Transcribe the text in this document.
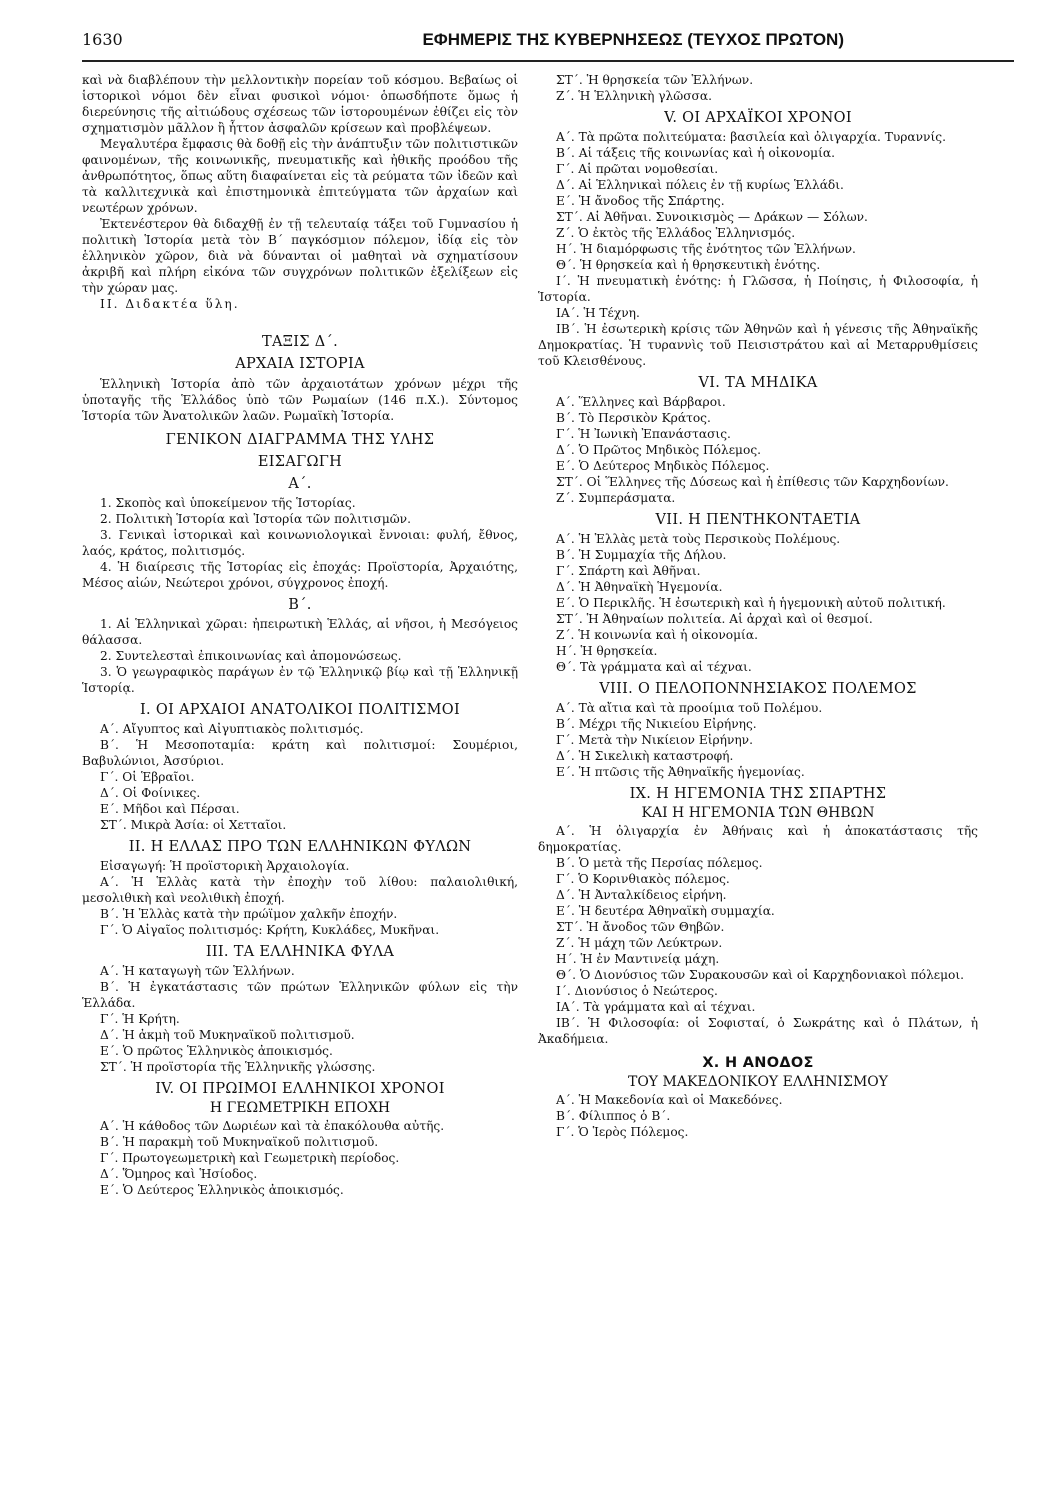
1630	ΕΦΗΜΕΡΙΣ ΤΗΣ ΚΥΒΕΡΝΗΣΕΩΣ (ΤΕΥΧΟΣ ΠΡΩΤΟΝ)

καὶ νὰ διαβλέπουν τὴν μελλοντικὴν πορείαν τοῦ κόσμου. Βεβαίως οἱ ἱστορικοὶ νόμοι δὲν εἶναι φυσικοὶ νόμοι· ὁπωσδήποτε ὅμως ἡ διερεύνησις τῆς αἰτιώδους σχέσεως τῶν ἱστορουμένων ἐθίζει εἰς τὸν σχηματισμὸν μᾶλλον ἢ ἧττον ἀσφαλῶν κρίσεων καὶ προβλέψεων.

Μεγαλυτέρα ἔμφασις θὰ δοθῇ εἰς τὴν ἀνάπτυξιν τῶν πολιτιστικῶν φαινομένων, τῆς κοινωνικῆς, πνευματικῆς καὶ ἠθικῆς προόδου τῆς ἀνθρωπότητος, ὅπως αὕτη διαφαίνεται εἰς τὰ ρεύματα τῶν ἰδεῶν καὶ τὰ καλλιτεχνικὰ καὶ ἐπιστημονικὰ ἐπιτεύγματα τῶν ἀρχαίων καὶ νεωτέρων χρόνων.

Ἐκτενέστερον θὰ διδαχθῇ ἐν τῇ τελευταίᾳ τάξει τοῦ Γυμνασίου ἡ πολιτικὴ Ἱστορία μετὰ τὸν Β΄ παγκόσμιον πόλεμον, ἰδίᾳ εἰς τὸν ἑλληνικὸν χῶρον, διὰ νὰ δύνανται οἱ μαθηταὶ νὰ σχηματίσουν ἀκριβῆ καὶ πλήρη εἰκόνα τῶν συγχρόνων πολιτικῶν ἐξελίξεων εἰς τὴν χώραν μας.

ΙΙ. Διδακτέα ὕλη.

ΤΑΞΙΣ Δ΄.
ΑΡΧΑΙΑ ΙΣΤΟΡΙΑ

Ἑλληνικὴ Ἱστορία ἀπὸ τῶν ἀρχαιοτάτων χρόνων μέχρι τῆς ὑποταγῆς τῆς Ἑλλάδος ὑπὸ τῶν Ρωμαίων (146 π.Χ.). Σύντομος Ἱστορία τῶν Ἀνατολικῶν λαῶν. Ρωμαϊκὴ Ἱστορία.

ΓΕΝΙΚΟΝ ΔΙΑΓΡΑΜΜΑ ΤΗΣ ΥΛΗΣ
ΕΙΣΑΓΩΓΗ
Α΄.

1. Σκοπὸς καὶ ὑποκείμενον τῆς Ἱστορίας.

2. Πολιτικὴ Ἱστορία καὶ Ἱστορία τῶν πολιτισμῶν.

3. Γενικαὶ ἱστορικαὶ καὶ κοινωνιολογικαὶ ἔννοιαι: φυλή, ἔθνος, λαός, κράτος, πολιτισμός.

4. Ἡ διαίρεσις τῆς Ἱστορίας εἰς ἐποχάς: Προϊστορία, Ἀρχαιότης, Μέσος αἰών, Νεώτεροι χρόνοι, σύγχρονος ἐποχή.

Β΄.

1. Αἱ Ἑλληνικαὶ χῶραι: ἠπειρωτικὴ Ἑλλάς, αἱ νῆσοι, ἡ Μεσόγειος θάλασσα.

2. Συντελεσταὶ ἐπικοινωνίας καὶ ἀπομονώσεως.

3. Ὁ γεωγραφικὸς παράγων ἐν τῷ Ἑλληνικῷ βίῳ καὶ τῇ Ἑλληνικῇ Ἱστορίᾳ.

Ι. ΟΙ ΑΡΧΑΙΟΙ ΑΝΑΤΟΛΙΚΟΙ ΠΟΛΙΤΙΣΜΟΙ

Α΄. Αἴγυπτος καὶ Αἰγυπτιακὸς πολιτισμός.

Β΄. Ἡ Μεσοποταμία: κράτη καὶ πολιτισμοί: Σουμέριοι, Βαβυλώνιοι, Ἀσσύριοι.

Γ΄. Οἱ Ἑβραῖοι.

Δ΄. Οἱ Φοίνικες.

Ε΄. Μῆδοι καὶ Πέρσαι.

ΣΤ΄. Μικρὰ Ἀσία: οἱ Χετταῖοι.

ΙΙ. Η ΕΛΛΑΣ ΠΡΟ ΤΩΝ ΕΛΛΗΝΙΚΩΝ ΦΥΛΩΝ

Εἰσαγωγή: Ἡ προϊστορικὴ Ἀρχαιολογία.

Α΄. Ἡ Ἑλλὰς κατὰ τὴν ἐποχὴν τοῦ λίθου: παλαιολιθική, μεσολιθικὴ καὶ νεολιθικὴ ἐποχή.

Β΄. Ἡ Ἑλλὰς κατὰ τὴν πρώϊμον χαλκῆν ἐποχήν.

Γ΄. Ὁ Αἰγαῖος πολιτισμός: Κρήτη, Κυκλάδες, Μυκῆναι.

ΙΙΙ. ΤΑ ΕΛΛΗΝΙΚΑ ΦΥΛΑ

Α΄. Ἡ καταγωγὴ τῶν Ἑλλήνων.

Β΄. Ἡ ἐγκατάστασις τῶν πρώτων Ἑλληνικῶν φύλων εἰς τὴν Ἑλλάδα.

Γ΄. Ἡ Κρήτη.

Δ΄. Ἡ ἀκμὴ τοῦ Μυκηναϊκοῦ πολιτισμοῦ.

Ε΄. Ὁ πρῶτος Ἑλληνικὸς ἀποικισμός.

ΣΤ΄. Ἡ προϊστορία τῆς Ἑλληνικῆς γλώσσης.

ΙV. ΟΙ ΠΡΩΙΜΟΙ ΕΛΛΗΝΙΚΟΙ ΧΡΟΝΟΙ
Η ΓΕΩΜΕΤΡΙΚΗ ΕΠΟΧΗ

Α΄. Ἡ κάθοδος τῶν Δωριέων καὶ τὰ ἐπακόλουθα αὐτῆς.

Β΄. Ἡ παρακμὴ τοῦ Μυκηναϊκοῦ πολιτισμοῦ.

Γ΄. Πρωτογεωμετρικὴ καὶ Γεωμετρικὴ περίοδος.

Δ΄. Ὅμηρος καὶ Ἡσίοδος.

Ε΄. Ὁ Δεύτερος Ἑλληνικὸς ἀποικισμός.

ΣΤ΄. Ἡ θρησκεία τῶν Ἑλλήνων.

Ζ΄. Ἡ Ἑλληνικὴ γλῶσσα.

V. ΟΙ ΑΡΧΑΪΚΟΙ ΧΡΟΝΟΙ

Α΄. Τὰ πρῶτα πολιτεύματα: βασιλεία καὶ ὀλιγαρχία. Τυραννίς.

Β΄. Αἱ τάξεις τῆς κοινωνίας καὶ ἡ οἰκονομία.

Γ΄. Αἱ πρῶται νομοθεσίαι.

Δ΄. Αἱ Ἑλληνικαὶ πόλεις ἐν τῇ κυρίως Ἑλλάδι.

Ε΄. Ἡ ἄνοδος τῆς Σπάρτης.

ΣΤ΄. Αἱ Ἀθῆναι. Συνοικισμὸς — Δράκων — Σόλων.

Ζ΄. Ὁ ἐκτὸς τῆς Ἑλλάδος Ἑλληνισμός.

Η΄. Ἡ διαμόρφωσις τῆς ἑνότητος τῶν Ἑλλήνων.

Θ΄. Ἡ θρησκεία καὶ ἡ θρησκευτικὴ ἑνότης.

Ι΄. Ἡ πνευματικὴ ἑνότης: ἡ Γλῶσσα, ἡ Ποίησις, ἡ Φιλοσοφία, ἡ Ἱστορία.

ΙΑ΄. Ἡ Τέχνη.

ΙΒ΄. Ἡ ἐσωτερικὴ κρίσις τῶν Ἀθηνῶν καὶ ἡ γένεσις τῆς Ἀθηναϊκῆς Δημοκρατίας. Ἡ τυραννὶς τοῦ Πεισιστράτου καὶ αἱ Μεταρρυθμίσεις τοῦ Κλεισθένους.

VI. ΤΑ ΜΗΔΙΚΑ

Α΄. Ἕλληνες καὶ Βάρβαροι.

Β΄. Τὸ Περσικὸν Κράτος.

Γ΄. Ἡ Ἰωνικὴ Ἐπανάστασις.

Δ΄. Ὁ Πρῶτος Μηδικὸς Πόλεμος.

Ε΄. Ὁ Δεύτερος Μηδικὸς Πόλεμος.

ΣΤ΄. Οἱ Ἕλληνες τῆς Δύσεως καὶ ἡ ἐπίθεσις τῶν Καρχηδονίων.

Ζ΄. Συμπεράσματα.

VII. Η ΠΕΝΤΗΚΟΝΤΑΕΤΙΑ

Α΄. Ἡ Ἑλλὰς μετὰ τοὺς Περσικοὺς Πολέμους.

Β΄. Ἡ Συμμαχία τῆς Δήλου.

Γ΄. Σπάρτη καὶ Ἀθῆναι.

Δ΄. Ἡ Ἀθηναϊκὴ Ἡγεμονία.

Ε΄. Ὁ Περικλῆς. Ἡ ἐσωτερικὴ καὶ ἡ ἡγεμονικὴ αὐτοῦ πολιτική.

ΣΤ΄. Ἡ Ἀθηναίων πολιτεία. Αἱ ἀρχαὶ καὶ οἱ θεσμοί.

Ζ΄. Ἡ κοινωνία καὶ ἡ οἰκονομία.

Η΄. Ἡ θρησκεία.

Θ΄. Τὰ γράμματα καὶ αἱ τέχναι.

VIII. Ο ΠΕΛΟΠΟΝΝΗΣΙΑΚΟΣ ΠΟΛΕΜΟΣ

Α΄. Τὰ αἴτια καὶ τὰ προοίμια τοῦ Πολέμου.

Β΄. Μέχρι τῆς Νικιείου Εἰρήνης.

Γ΄. Μετὰ τὴν Νικίειον Εἰρήνην.

Δ΄. Ἡ Σικελικὴ καταστροφή.

Ε΄. Ἡ πτῶσις τῆς Ἀθηναϊκῆς ἡγεμονίας.

ΙΧ. Η ΗΓΕΜΟΝΙΑ ΤΗΣ ΣΠΑΡΤΗΣ
ΚΑΙ Η ΗΓΕΜΟΝΙΑ ΤΩΝ ΘΗΒΩΝ

Α΄. Ἡ ὀλιγαρχία ἐν Ἀθήναις καὶ ἡ ἀποκατάστασις τῆς δημοκρατίας.

Β΄. Ὁ μετὰ τῆς Περσίας πόλεμος.

Γ΄. Ὁ Κορινθιακὸς πόλεμος.

Δ΄. Ἡ Ἀνταλκίδειος εἰρήνη.

Ε΄. Ἡ δευτέρα Ἀθηναϊκὴ συμμαχία.

ΣΤ΄. Ἡ ἄνοδος τῶν Θηβῶν.

Ζ΄. Ἡ μάχη τῶν Λεύκτρων.

Η΄. Ἡ ἐν Μαντινείᾳ μάχη.

Θ΄. Ὁ Διονύσιος τῶν Συρακουσῶν καὶ οἱ Καρχηδονιακοὶ πόλεμοι.

Ι΄. Διονύσιος ὁ Νεώτερος.

ΙΑ΄. Τὰ γράμματα καὶ αἱ τέχναι.

ΙΒ΄. Ἡ Φιλοσοφία: οἱ Σοφισταί, ὁ Σωκράτης καὶ ὁ Πλάτων, ἡ Ἀκαδήμεια.

Χ. Η ΑΝΟΔΟΣ
ΤΟΥ ΜΑΚΕΔΟΝΙΚΟΥ ΕΛΛΗΝΙΣΜΟΥ

Α΄. Ἡ Μακεδονία καὶ οἱ Μακεδόνες.

Β΄. Φίλιππος ὁ Β΄.

Γ΄. Ὁ Ἱερὸς Πόλεμος.
